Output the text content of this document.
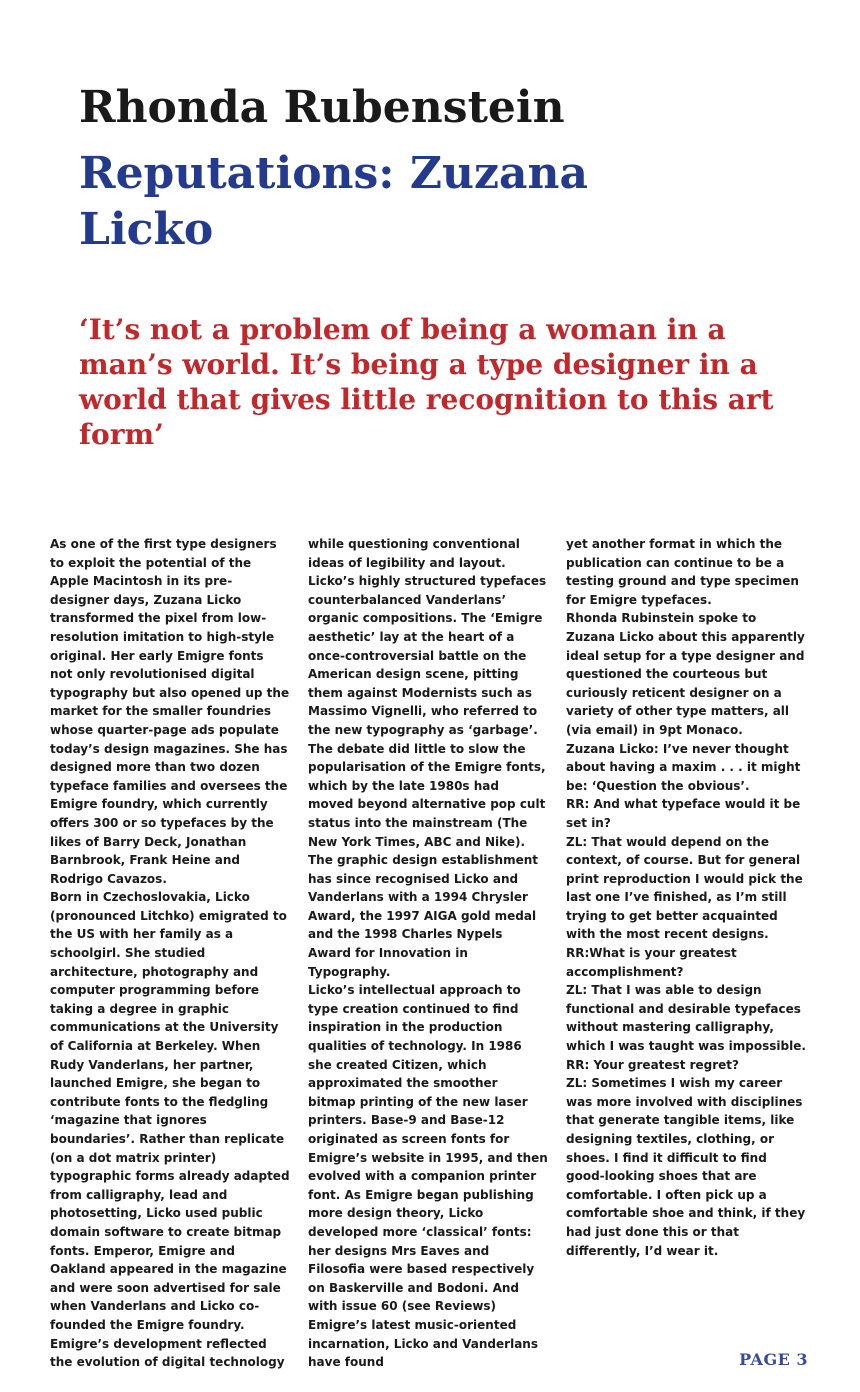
Rhonda Rubenstein
Reputations: Zuzana Licko
‘It’s not a problem of being a woman in a man’s world. It’s being a type designer in a world that gives little recognition to this art form’

As one of the first type designers to exploit the potential of the Apple Macintosh in its pre-designer days, Zuzana Licko transformed the pixel from low-resolution imitation to high-style original. Her early Emigre fonts not only revolutionised digital typography but also opened up the market for the smaller foundries whose quarter-page ads populate today’s design magazines. She has designed more than two dozen typeface families and oversees the Emigre foundry, which currently offers 300 or so typefaces by the likes of Barry Deck, Jonathan Barnbrook, Frank Heine and Rodrigo Cavazos.

Born in Czechoslovakia, Licko (pronounced Litchko) emigrated to the US with her family as a schoolgirl. She studied architecture, photography and computer programming before taking a degree in graphic communications at the University of California at Berkeley. When Rudy Vanderlans, her partner, launched Emigre, she began to contribute fonts to the fledgling ‘magazine that ignores boundaries’. Rather than replicate (on a dot matrix printer) typographic forms already adapted from calligraphy, lead and photosetting, Licko used public domain software to create bitmap fonts. Emperor, Emigre and Oakland appeared in the magazine and were soon advertised for sale when Vanderlans and Licko co-founded the Emigre foundry.

Emigre’s development reflected the evolution of digital technology

while questioning conventional ideas of legibility and layout. Licko’s highly structured typefaces counterbalanced Vanderlans’ organic compositions. The ‘Emigre aesthetic’ lay at the heart of a once-controversial battle on the American design scene, pitting them against Modernists such as Massimo Vignelli, who referred to the new typography as ‘garbage’. The debate did little to slow the popularisation of the Emigre fonts, which by the late 1980s had moved beyond alternative pop cult status into the mainstream (The New York Times, ABC and Nike). The graphic design establishment has since recognised Licko and Vanderlans with a 1994 Chrysler Award, the 1997 AIGA gold medal and the 1998 Charles Nypels Award for Innovation in Typography.

Licko’s intellectual approach to type creation continued to find inspiration in the production qualities of technology. In 1986 she created Citizen, which approximated the smoother bitmap printing of the new laser printers. Base-9 and Base-12 originated as screen fonts for Emigre’s website in 1995, and then evolved with a companion printer font. As Emigre began publishing more design theory, Licko developed more ‘classical’ fonts: her designs Mrs Eaves and Filosofia were based respectively on Baskerville and Bodoni. And with issue 60 (see Reviews) Emigre’s latest music-oriented incarnation, Licko and Vanderlans have found

yet another format in which the publication can continue to be a testing ground and type specimen for Emigre typefaces.

Rhonda Rubinstein spoke to Zuzana Licko about this apparently ideal setup for a type designer and questioned the courteous but curiously reticent designer on a variety of other type matters, all (via email) in 9pt Monaco.

Zuzana Licko: I’ve never thought about having a maxim . . . it might be: ‘Question the obvious’.

RR: And what typeface would it be set in?

ZL: That would depend on the context, of course. But for general print reproduction I would pick the last one I’ve finished, as I’m still trying to get better acquainted with the most recent designs.

RR:What is your greatest accomplishment?

ZL: That I was able to design functional and desirable typefaces without mastering calligraphy, which I was taught was impossible.

RR: Your greatest regret?

ZL: Sometimes I wish my career was more involved with disciplines that generate tangible items, like designing textiles, clothing, or shoes. I find it difficult to find good-looking shoes that are comfortable. I often pick up a comfortable shoe and think, if they had just done this or that differently, I’d wear it.

PAGE 3
